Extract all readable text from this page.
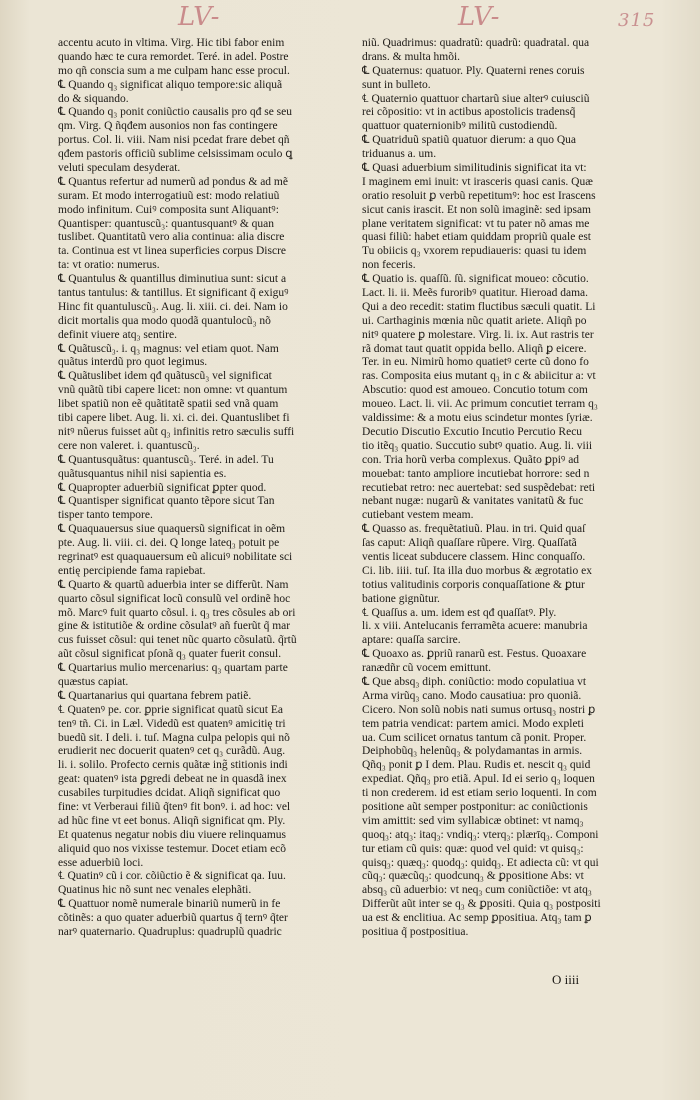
LV-	LV-	315
accentu acuto in vltima. Virg. Hic tibi fabor enim
quando hæc te cura remordet. Teré. in adel. Postre
mo qñ conscia sum a me culpam hanc esse procul.
℄ Quando q₃ significat aliquo tempore:sic aliquã
do & siquando.
℄ Quando q₃ ponit coniũctio causalis pro qđ se seu
qm. Virg. Q̃ ñqđem ausonios non fas contingere
portus. Col. li. viii. Nam nisi pcedat frare debet qñ
qđem pastoris officiũ sublime celsissimam oculo ꝗ
veluti speculam desyderat.
℄ Quantus refertur ad numerũ ad pondus & ad mẽ
suram. Et modo interrogatiuũ est: modo relatiuũ
modo infinitum. Cuiꝰ composita sunt Aliquantꝰ:
Quantisper: quantuscũ₃: quantusquantꝰ & quan
tuslibet. Quantitatũ vero alia continua: alia discre
ta. Continua est vt linea superficies corpus Discre
ta: vt oratio: numerus.
℄ Quantulus & quantillus diminutiua sunt: sicut a
tantus tantulus: & tantillus. Et significant q̃ exiguꝰ
Hinc fit quantuluscũ₃. Aug. li. xiii. ci. dei. Nam io
dicit mortalis qua modo quodã quantulocũ₃ nõ
definit viuere atq₃ sentire.
℄ Quãtuscũ₃. i. q₃ magnus: vel etiam quot. Nam
quãtus interdũ pro quot legimus.
℄ Quãtuslibet idem qđ quãtuscũ₃ vel significat
vnũ quãtũ tibi capere licet: non omne: vt quantum
libet spatiũ non eẽ quãtitatẽ spatii sed vnã quam
tibi capere libet. Aug. li. xi. ci. dei. Quantuslibet fi
nitꝰ nũerus fuisset aũt q₃ infinitis retro sæculis suffi
cere non valeret. i. quantuscũ₃.
℄ Quantusquãtus: quantuscũ₃. Teré. in adel. Tu
quãtusquantus nihil nisi sapientia es.
℄ Quapropter aduerbiũ significat ꝑpter quod.
℄ Quantisper significat quanto tẽpore sicut Tan
tisper tanto tempore.
℄ Quaquauersus siue quaquersũ significat in oẽm
pte. Aug. li. viii. ci. dei. Q̃ longe lateq₃ potuit pe
regrinatꝰ est quaquauersum eũ alicuiꝰ nobilitate sci
entię percipiende fama rapiebat.
℄ Quarto & quartũ aduerbia inter se differũt. Nam
quarto cõsul significat locũ consulũ vel ordinẽ hoc
mõ. Marcꝰ fuit quarto cõsul. i. q₃ tres cõsules ab ori
gine & istitutiõe & ordine cõsulatꝰ añ fuerũt q̃ mar
cus fuisset cõsul: qui tenet nũc quarto cõsulatũ. q̃rtũ
aũt cõsul significat pſonã q₃ quater fuerit consul.
℄ Quartarius mulio mercenarius: q₃ quartam parte
quæstus capiat.
℄ Quartanarius qui quartana febrem patiẽ.
℄ Quatenꝰ pe. cor. ꝑprie significat quatũ sicut Ea
tenꝰ tñ. Ci. in Læl. Videdũ est quatenꝰ amicitię tri
buedũ sit. I deli. i. tuſ. Magna culpa pelopis qui nõ
erudierit nec docuerit quatenꝰ cet q₃ curãdũ. Aug.
li. i. solilo. Profecto cernis quãtæ ing̃ stitionis indi
geat: quatenꝰ ista ꝑgredi debeat ne in quasdã inex
cusabiles turpitudies dcidat. Aliqñ significat quo
fine: vt Verberaui filiũ q̃tenꝰ fit bonꝰ. i. ad hoc: vel
ad hũc fine vt eet bonus. Aliqñ significat qm. Ply.
Et quatenus negatur nobis diu viuere relinquamus
aliquid quo nos vixisse testemur. Docet etiam ecõ
esse aduerbiũ loci.
℄ Quatinꝰ cũ i cor. cõiũctio ẽ & significat qa. Iuu.
Quatinus hic nõ sunt nec venales elephãti.
℄ Quattuor nomẽ numerale binariũ numerũ in fe
cõtinẽs: a quo quater aduerbiũ quartus q̃ ternꝰ q̃ter
narꝰ quaternario. Quadruplus: quadruplũ quadric
niũ. Quadrimus: quadratũ: quadrũ: quadratal. qua
drans. & multa hmõi.
℄ Quaternus: quatuor. Ply. Quaterni renes coruis
sunt in bulleto.
℄ Quaternio quattuor chartarũ siue alterꝰ cuiusciũ
rei cõpositio: vt in actibus apostolicis tradensq̃
quattuor quaternionibꝰ militũ custodiendũ.
℄ Quatriduũ spatiũ quatuor dierum: a quo Qua
triduanus a. um.
℄ Quasi aduerbium similitudinis significat ita vt:
I maginem emi inuit: vt irasceris quasi canis. Quæ
oratio resoluit ꝑ verbũ repetitumꝰ: hoc est Irascens
sicut canis irascit. Et non solũ imaginẽ: sed ipsam
plane veritatem significat: vt tu pater nõ amas me
quasi filiũ: habet etiam quiddam propriũ quale est
Tu obiicis q₃ vxorem repudiaueris: quasi tu idem
non feceris.
℄ Quatio is. quaſſũ. ſũ. significat moueo: cõcutio.
Lact. li. ii. Meẽs furoribꝰ quatitur. Hieroad dama.
Qui a deo recedit: statim fluctibus sæculi quatit. Li
ui. Carthaginis mœnia nũc quatit ariete. Aliqñ po
nitꝰ quatere ꝑ molestare. Virg. li. ix. Aut rastris ter
rã domat taut quatit oppida bello. Aliqñ ꝑ eicere.
Ter. in eu. Nimirũ homo quatietꝰ certe cũ dono fo
ras. Composita eius mutant q₃ in c & abiicitur a: vt
Abscutio: quod est amoueo. Concutio totum com
moueo. Lact. li. vii. Ac primum concutiet terram q₃
valdissime: & a motu eius scindetur montes ſyriæ.
Decutio Discutio Excutio Incutio Percutio Recu
tio itẽq₃ quatio. Succutio subtꝰ quatio. Aug. li. viii
con. Tria horũ verba complexus. Quãto ꝑpiꝰ ad
mouebat: tanto ampliore incutiebat horrore: sed n
recutiebat retro: nec auertebat: sed suspẽdebat: reti
nebant nugæ: nugarũ & vanitates vanitatũ & fuc
cutiebant vestem meam.
℄ Quasso as. frequẽtatiuũ. Plau. in tri. Quid quaſ
ſas caput: Aliqñ quaſſare rũpere. Virg. Quaſſatã
ventis liceat subducere classem. Hinc conquaſſo.
Ci. lib. iiii. tuſ. Ita illa duo morbus & ægrotatio ex
totius valitudinis corporis conquaſſatione & ꝑtur
batione gignũtur.
℄ Quaſſus a. um. idem est qđ quaſſatꝰ. Ply.
li. x viii. Antelucanis ferramẽta acuere: manubria
aptare: quaſſa sarcire.
℄ Quoaxo as. ꝑpriũ ranarũ est. Festus. Quoaxare
ranædñr cũ vocem emittunt.
℄ Que absq₃ diph. coniũctio: modo copulatiua vt
Arma virũq₃ cano. Modo causatiua: pro quoniã.
Cicero. Non solũ nobis nati sumus ortusq₃ nostri ꝑ
tem patria vendicat: partem amici. Modo expleti
ua. Cum scilicet ornatus tantum cã ponit. Proper.
Deiphobũq₃ helenũq₃ & polydamantas in armis.
Q̃ñq₃ ponit ꝑ I dem. Plau. Rudis et. nescit q₃ quid
expediat. Q̃ñq₃ pro etiã. Apul. Id ei serio q₃ loquen
ti non crederem. id est etiam serio loquenti. In com
positione aũt semper postponitur: ac coniũctionis
vim amittit: sed vim syllabicæ obtinet: vt namq₃
quoq₃: atq₃: itaq₃: vndiq₃: vterq₃: plærīq₃. Componi
tur etiam cũ quis: quæ: quod vel quid: vt quisq₃:
quisq₃: quæq₃: quodq₃: quidq₃. Et adiecta cũ: vt qui
cũq₃: quæcũq₃: quodcunq₃ & ꝑpositione Abs: vt
absq₃ cũ aduerbio: vt neq₃ cum coniũctiõe: vt atq₃
Differũt aũt inter se q₃ & ꝑpositi. Quia q₃ postpositi
ua est & enclitiua. Ac semp ꝑpositiua. Atq₃ tam ꝑ
positiua q̃ postpositiua.
O iiii
